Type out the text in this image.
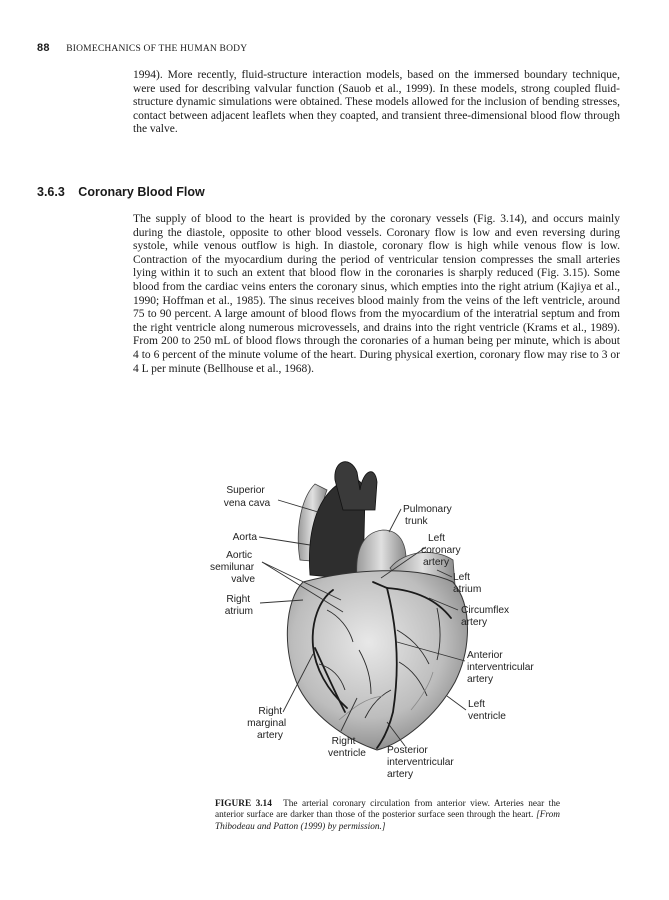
88 BIOMECHANICS OF THE HUMAN BODY

1994). More recently, fluid-structure interaction models, based on the immersed boundary technique, were used for describing valvular function (Sauob et al., 1999). In these models, strong coupled fluid-structure dynamic simulations were obtained. These models allowed for the inclusion of bending stresses, contact between adjacent leaflets when they coapted, and transient three-dimensional blood flow through the valve.

3.6.3 Coronary Blood Flow

The supply of blood to the heart is provided by the coronary vessels (Fig. 3.14), and occurs mainly during the diastole, opposite to other blood vessels. Coronary flow is low and even reversing during systole, while venous outflow is high. In diastole, coronary flow is high while venous flow is low. Contraction of the myocardium during the period of ventricular tension compresses the small arteries lying within it to such an extent that blood flow in the coronaries is sharply reduced (Fig. 3.15). Some blood from the cardiac veins enters the coronary sinus, which empties into the right atrium (Kajiya et al., 1990; Hoffman et al., 1985). The sinus receives blood mainly from the veins of the left ventricle, around 75 to 90 percent. A large amount of blood flows from the myocardium of the interatrial septum and from the right ventricle along numerous microvessels, and drains into the right ventricle (Krams et al., 1989). From 200 to 250 mL of blood flows through the coronaries of a human being per minute, which is about 4 to 6 percent of the minute volume of the heart. During physical exertion, coronary flow may rise to 3 or 4 L per minute (Bellhouse et al., 1968).

Superior vena cava
Aorta
Aortic semilunar valve
Right atrium
Right marginal artery
Right ventricle
Pulmonary trunk
Left coronary artery
Left atrium
Circumflex artery
Anterior interventricular artery
Left ventricle
Posterior interventricular artery
FIGURE 3.14 The arterial coronary circulation from anterior view. Arteries near the anterior surface are darker than those of the posterior surface seen through the heart. [From Thibodeau and Patton (1999) by permission.]
